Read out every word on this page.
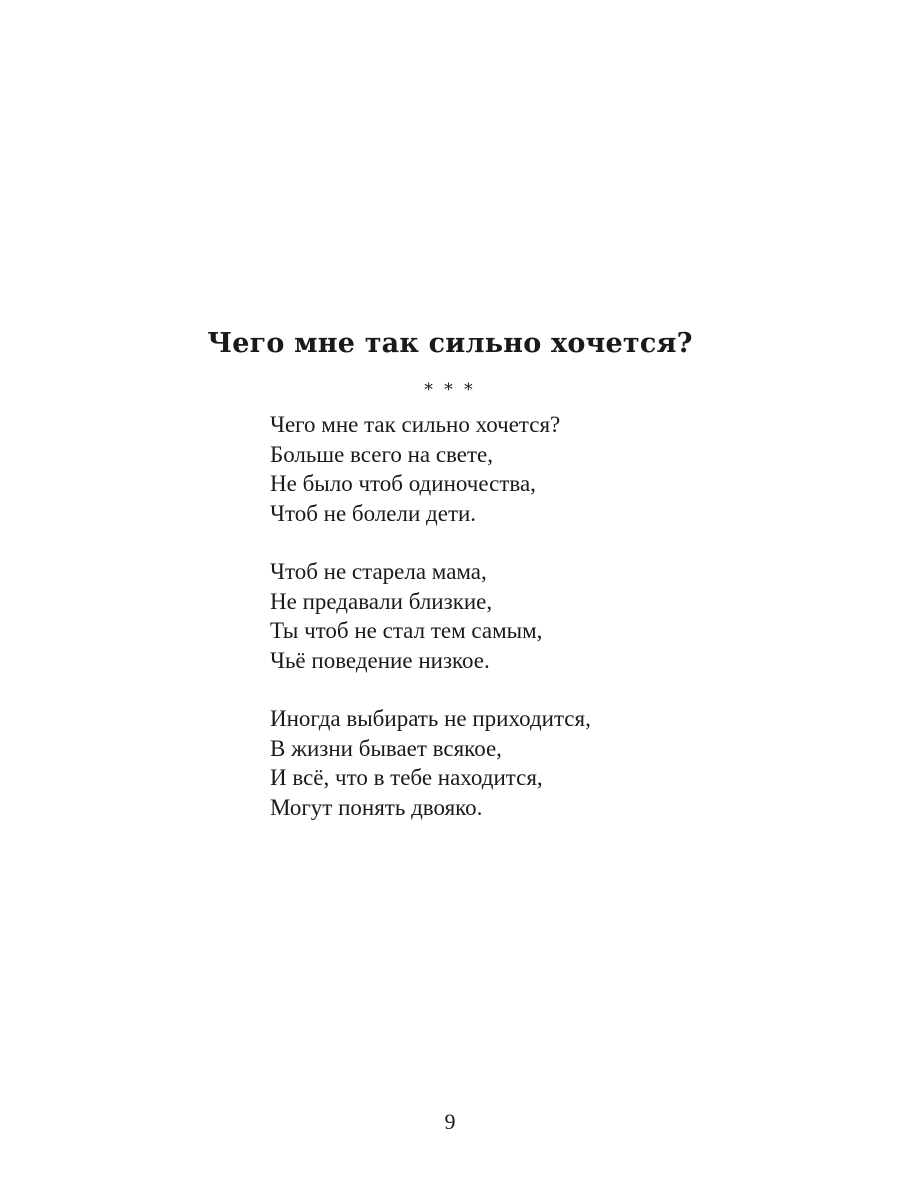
Чего мне так сильно хочется?
* * *
Чего мне так сильно хочется?
Больше всего на свете,
Не было чтоб одиночества,
Чтоб не болели дети.
Чтоб не старела мама,
Не предавали близкие,
Ты чтоб не стал тем самым,
Чьё поведение низкое.
Иногда выбирать не приходится,
В жизни бывает всякое,
И всё, что в тебе находится,
Могут понять двояко.
9
